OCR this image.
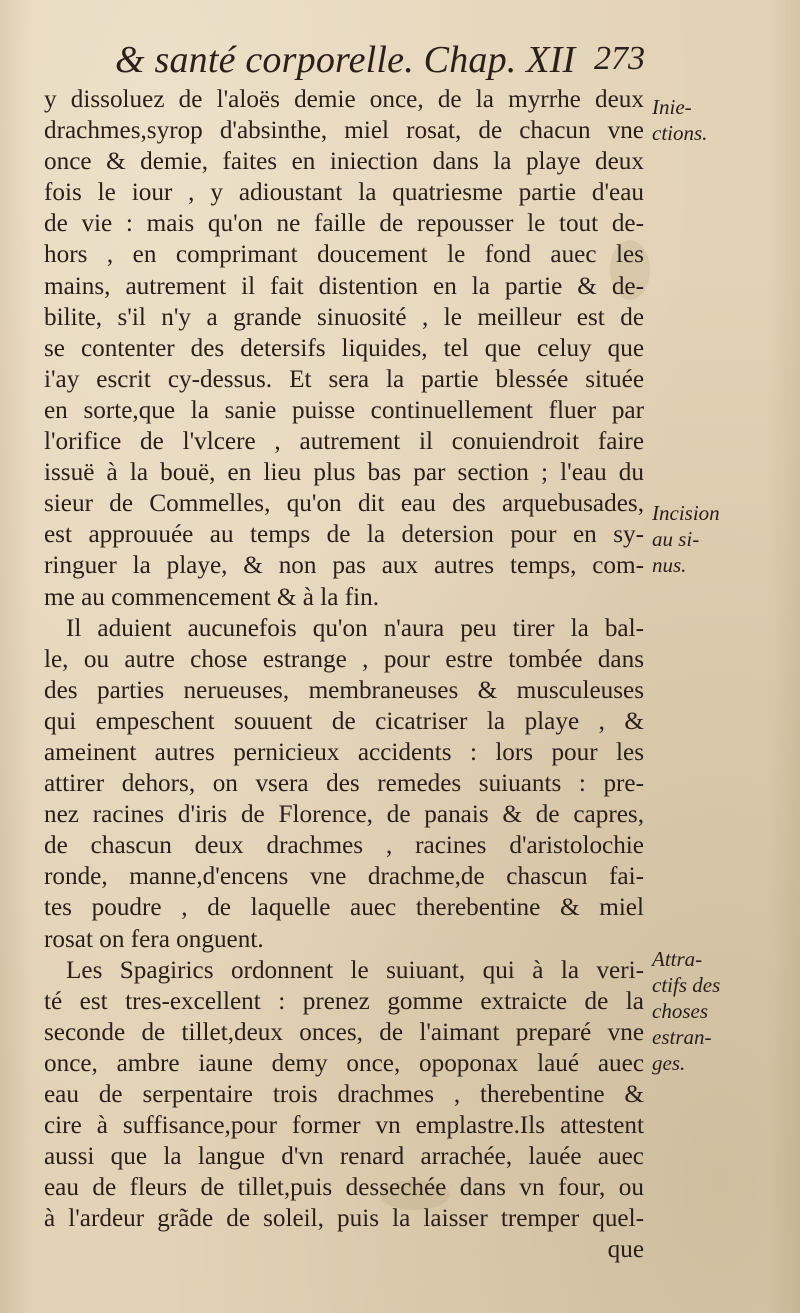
& santé corporelle. Chap. XII 273
y dissoluez de l'aloës demie once, de la myrrhe deux
drachmes,syrop d'absinthe, miel rosat, de chacun vne
once & demie, faites en iniection dans la playe deux
fois le iour , y adioustant la quatriesme partie d'eau
de vie : mais qu'on ne faille de repousser le tout de-
hors , en comprimant doucement le fond auec les
mains, autrement il fait distention en la partie & de-
bilite, s'il n'y a grande sinuosité , le meilleur est de
se contenter des detersifs liquides, tel que celuy que
i'ay escrit cy-dessus. Et sera la partie blessée située
en sorte,que la sanie puisse continuellement fluer par
l'orifice de l'vlcere , autrement il conuiendroit faire
issuë à la bouë, en lieu plus bas par section ; l'eau du
sieur de Commelles, qu'on dit eau des arquebusades,
est approuuée au temps de la detersion pour en sy-
ringuer la playe, & non pas aux autres temps, com-
me au commencement & à la fin.
Il aduient aucunefois qu'on n'aura peu tirer la bal-
le, ou autre chose estrange , pour estre tombée dans
des parties nerueuses, membraneuses & musculeuses
qui empeschent souuent de cicatriser la playe , &
ameinent autres pernicieux accidents : lors pour les
attirer dehors, on vsera des remedes suiuants : pre-
nez racines d'iris de Florence, de panais & de capres,
de chascun deux drachmes , racines d'aristolochie
ronde, manne,d'encens vne drachme,de chascun fai-
tes poudre , de laquelle auec therebentine & miel
rosat on fera onguent.
Les Spagirics ordonnent le suiuant, qui à la veri-
té est tres-excellent : prenez gomme extraicte de la
seconde de tillet,deux onces, de l'aimant preparé vne
once, ambre iaune demy once, opoponax laué auec
eau de serpentaire trois drachmes , therebentine &
cire à suffisance,pour former vn emplastre.Ils attestent
aussi que la langue d'vn renard arrachée, lauée auec
eau de fleurs de tillet,puis dessechée dans vn four, ou
à l'ardeur grãde de soleil, puis la laisser tremper quel-
que
Inie-
ctions.
Incision
au si-
nus.
Attra-
ctifs des
choses
estran-
ges.
